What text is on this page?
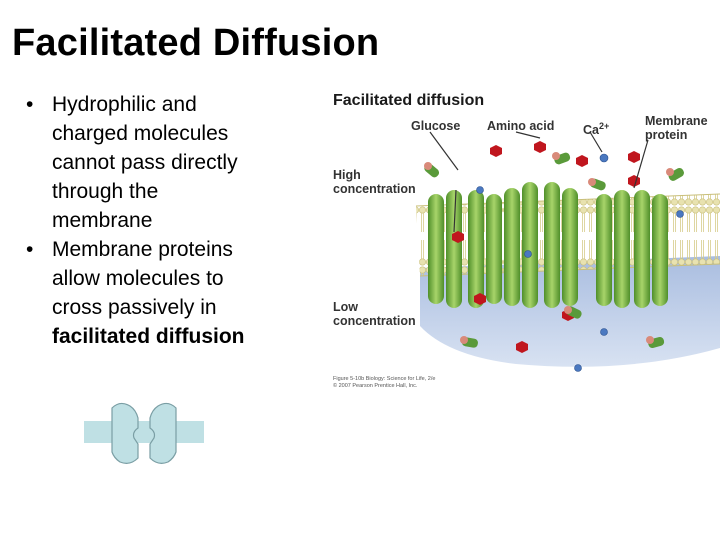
Facilitated Diffusion
• Hydrophilic and
charged molecules
cannot pass directly
through the
membrane
• Membrane proteins
allow molecules to
cross passively in
facilitated diffusion
Facilitated diffusion
Glucose Amino acid $Ca^{2+}$	Membrane
protein
High
concentration
Low
concentration
Figure 5-10b Biology: Science for Life, 2/e
© 2007 Pearson Prentice Hall, Inc.
